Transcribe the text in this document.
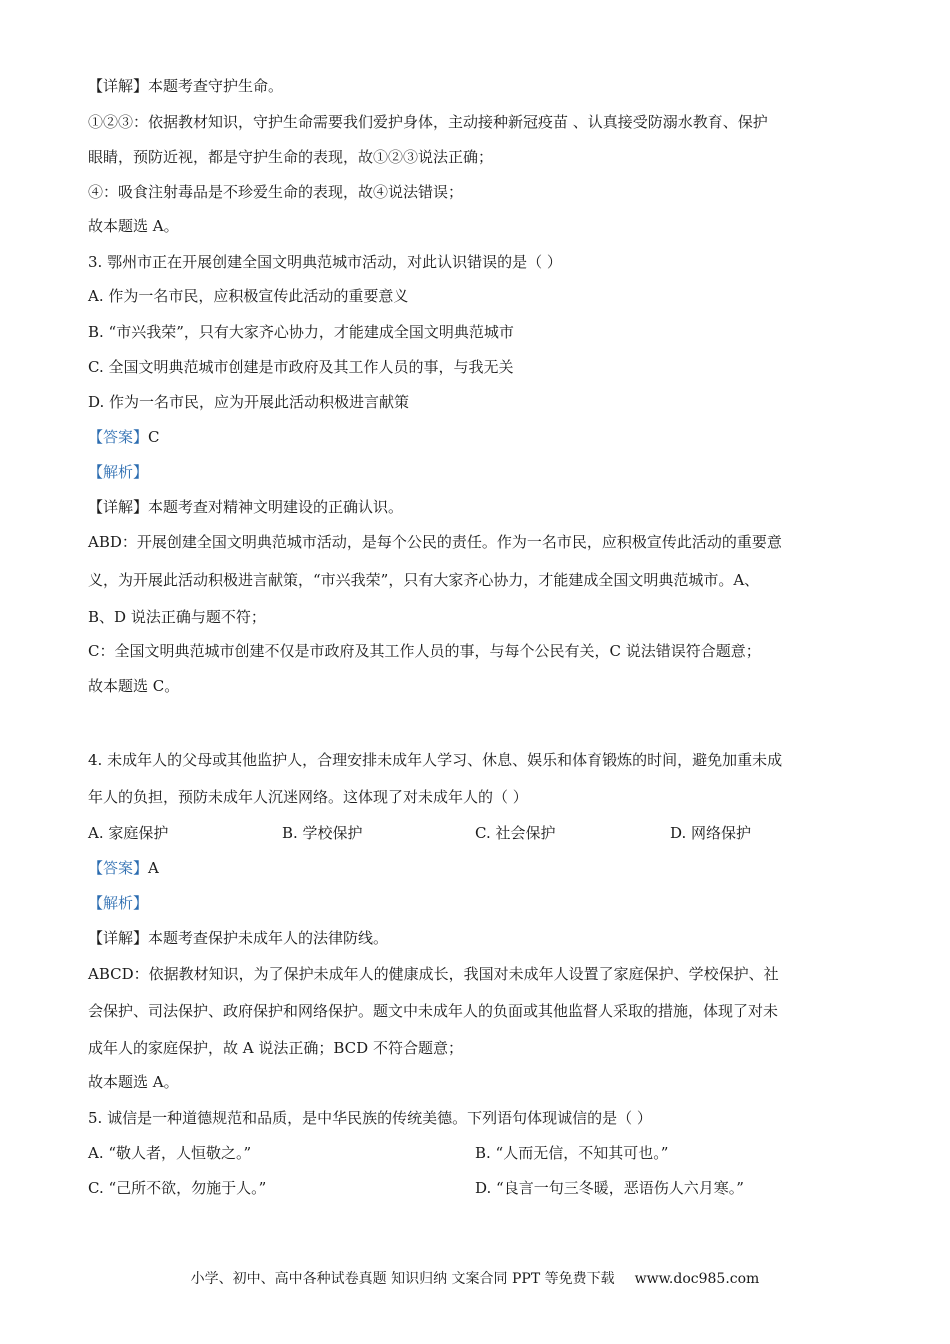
【详解】本题考查守护生命。
①②③：依据教材知识，守护生命需要我们爱护身体，主动接种新冠疫苗 、认真接受防溺水教育、保护
眼睛，预防近视，都是守护生命的表现，故①②③说法正确；
④：吸食注射毒品是不珍爱生命的表现，故④说法错误；
故本题选 A。
3. 鄂州市正在开展创建全国文明典范城市活动，对此认识错误的是（ ）
A. 作为一名市民，应积极宣传此活动的重要意义
B. “市兴我荣”，只有大家齐心协力，才能建成全国文明典范城市
C. 全国文明典范城市创建是市政府及其工作人员的事，与我无关
D. 作为一名市民，应为开展此活动积极进言献策
【答案】C
【解析】
【详解】本题考查对精神文明建设的正确认识。
ABD：开展创建全国文明典范城市活动，是每个公民的责任。作为一名市民，应积极宣传此活动的重要意
义，为开展此活动积极进言献策，“市兴我荣”，只有大家齐心协力，才能建成全国文明典范城市。A、
B、D 说法正确与题不符；
C：全国文明典范城市创建不仅是市政府及其工作人员的事，与每个公民有关，C 说法错误符合题意；
故本题选 C。
4. 未成年人的父母或其他监护人，合理安排未成年人学习、休息、娱乐和体育锻炼的时间，避免加重未成
年人的负担，预防未成年人沉迷网络。这体现了对未成年人的（ ）
A. 家庭保护	B. 学校保护	C. 社会保护	D. 网络保护
【答案】A
【解析】
【详解】本题考查保护未成年人的法律防线。
ABCD：依据教材知识，为了保护未成年人的健康成长，我国对未成年人设置了家庭保护、学校保护、社
会保护、司法保护、政府保护和网络保护。题文中未成年人的负面或其他监督人采取的措施，体现了对未
成年人的家庭保护，故 A 说法正确；BCD 不符合题意；
故本题选 A。
5. 诚信是一种道德规范和品质，是中华民族的传统美德。下列语句体现诚信的是（ ）
A. “敬人者，人恒敬之。”	B. “人而无信，不知其可也。”
C. “己所不欲，勿施于人。”	D. “良言一句三冬暖，恶语伤人六月寒。”
小学、初中、高中各种试卷真题 知识归纳 文案合同 PPT 等免费下载 www.doc985.com
